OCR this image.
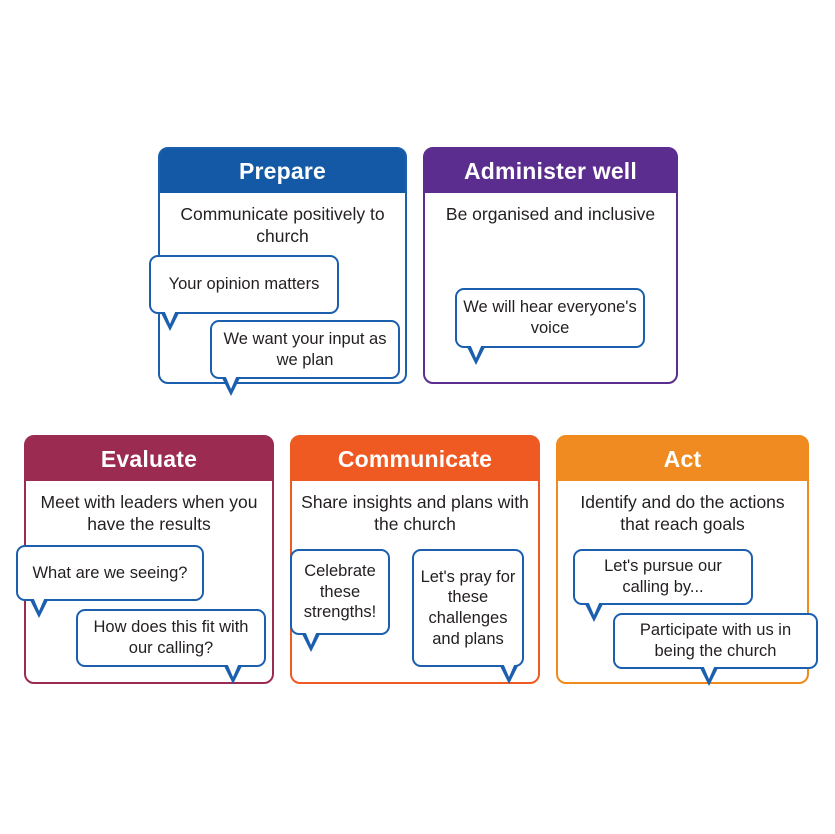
Prepare
Communicate positively to church
Your opinion matters
We want your input as we plan
Administer well
Be organised and inclusive
We will hear everyone's voice
Evaluate
Meet with leaders when you have the results
What are we seeing?
How does this fit with our calling?
Communicate
Share insights and plans with the church
Celebrate these strengths!
Let's pray for these challenges and plans
Act
Identify and do the actions that reach goals
Let's pursue our calling by...
Participate with us in being the church
